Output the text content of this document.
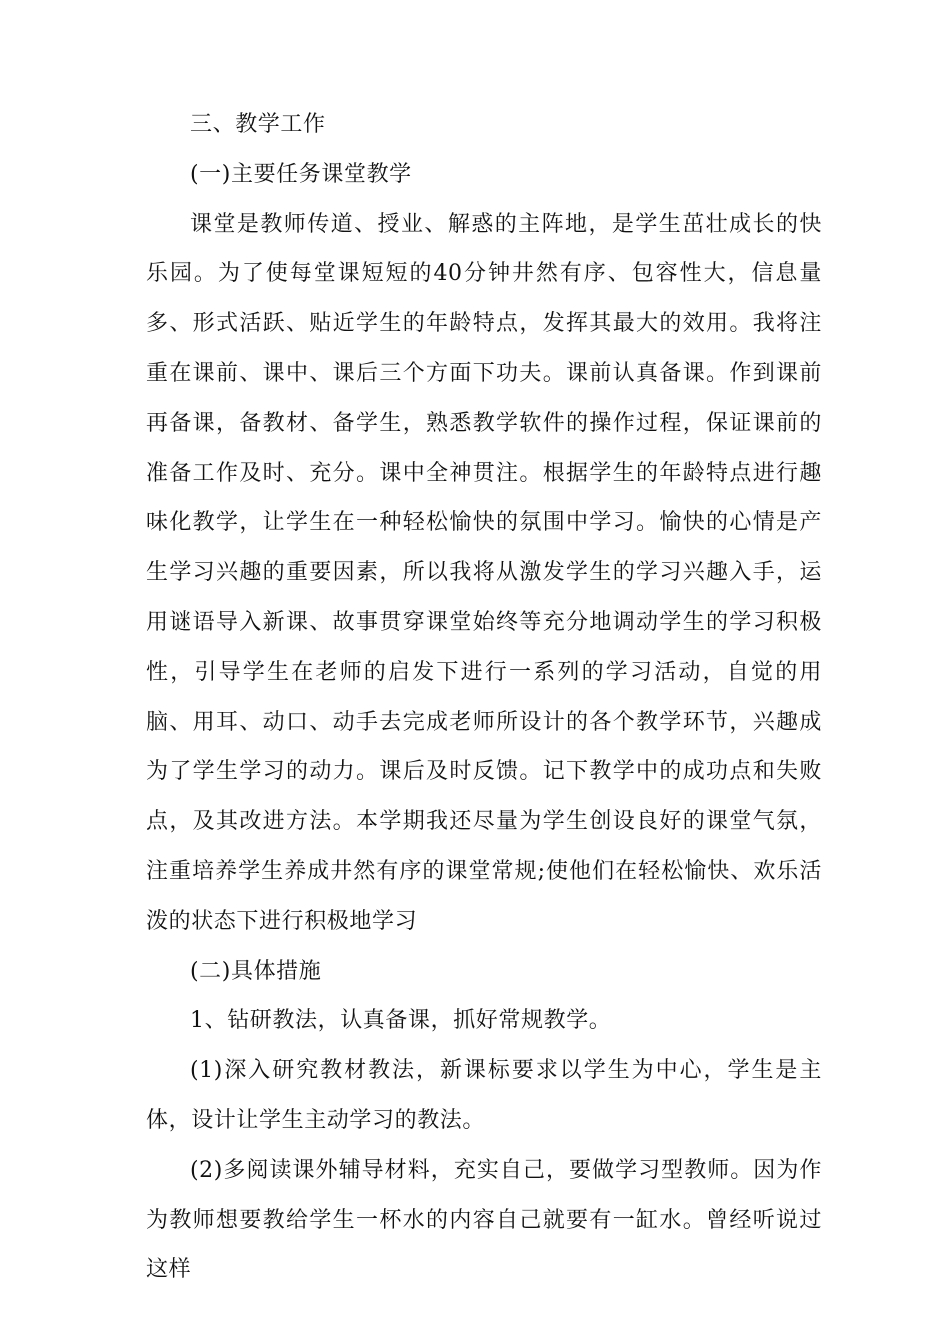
三、教学工作

(一)主要任务课堂教学

课堂是教师传道、授业、解惑的主阵地，是学生茁壮成长的快乐园。为了使每堂课短短的40分钟井然有序、包容性大，信息量多、形式活跃、贴近学生的年龄特点，发挥其最大的效用。我将注重在课前、课中、课后三个方面下功夫。课前认真备课。作到课前再备课，备教材、备学生，熟悉教学软件的操作过程，保证课前的准备工作及时、充分。课中全神贯注。根据学生的年龄特点进行趣味化教学，让学生在一种轻松愉快的氛围中学习。愉快的心情是产生学习兴趣的重要因素，所以我将从激发学生的学习兴趣入手，运用谜语导入新课、故事贯穿课堂始终等充分地调动学生的学习积极性，引导学生在老师的启发下进行一系列的学习活动，自觉的用脑、用耳、动口、动手去完成老师所设计的各个教学环节，兴趣成为了学生学习的动力。课后及时反馈。记下教学中的成功点和失败点，及其改进方法。本学期我还尽量为学生创设良好的课堂气氛，注重培养学生养成井然有序的课堂常规;使他们在轻松愉快、欢乐活泼的状态下进行积极地学习

(二)具体措施

1、钻研教法，认真备课，抓好常规教学。

(1)深入研究教材教法，新课标要求以学生为中心，学生是主体，设计让学生主动学习的教法。

(2)多阅读课外辅导材料，充实自己，要做学习型教师。因为作为教师想要教给学生一杯水的内容自己就要有一缸水。曾经听说过这样
